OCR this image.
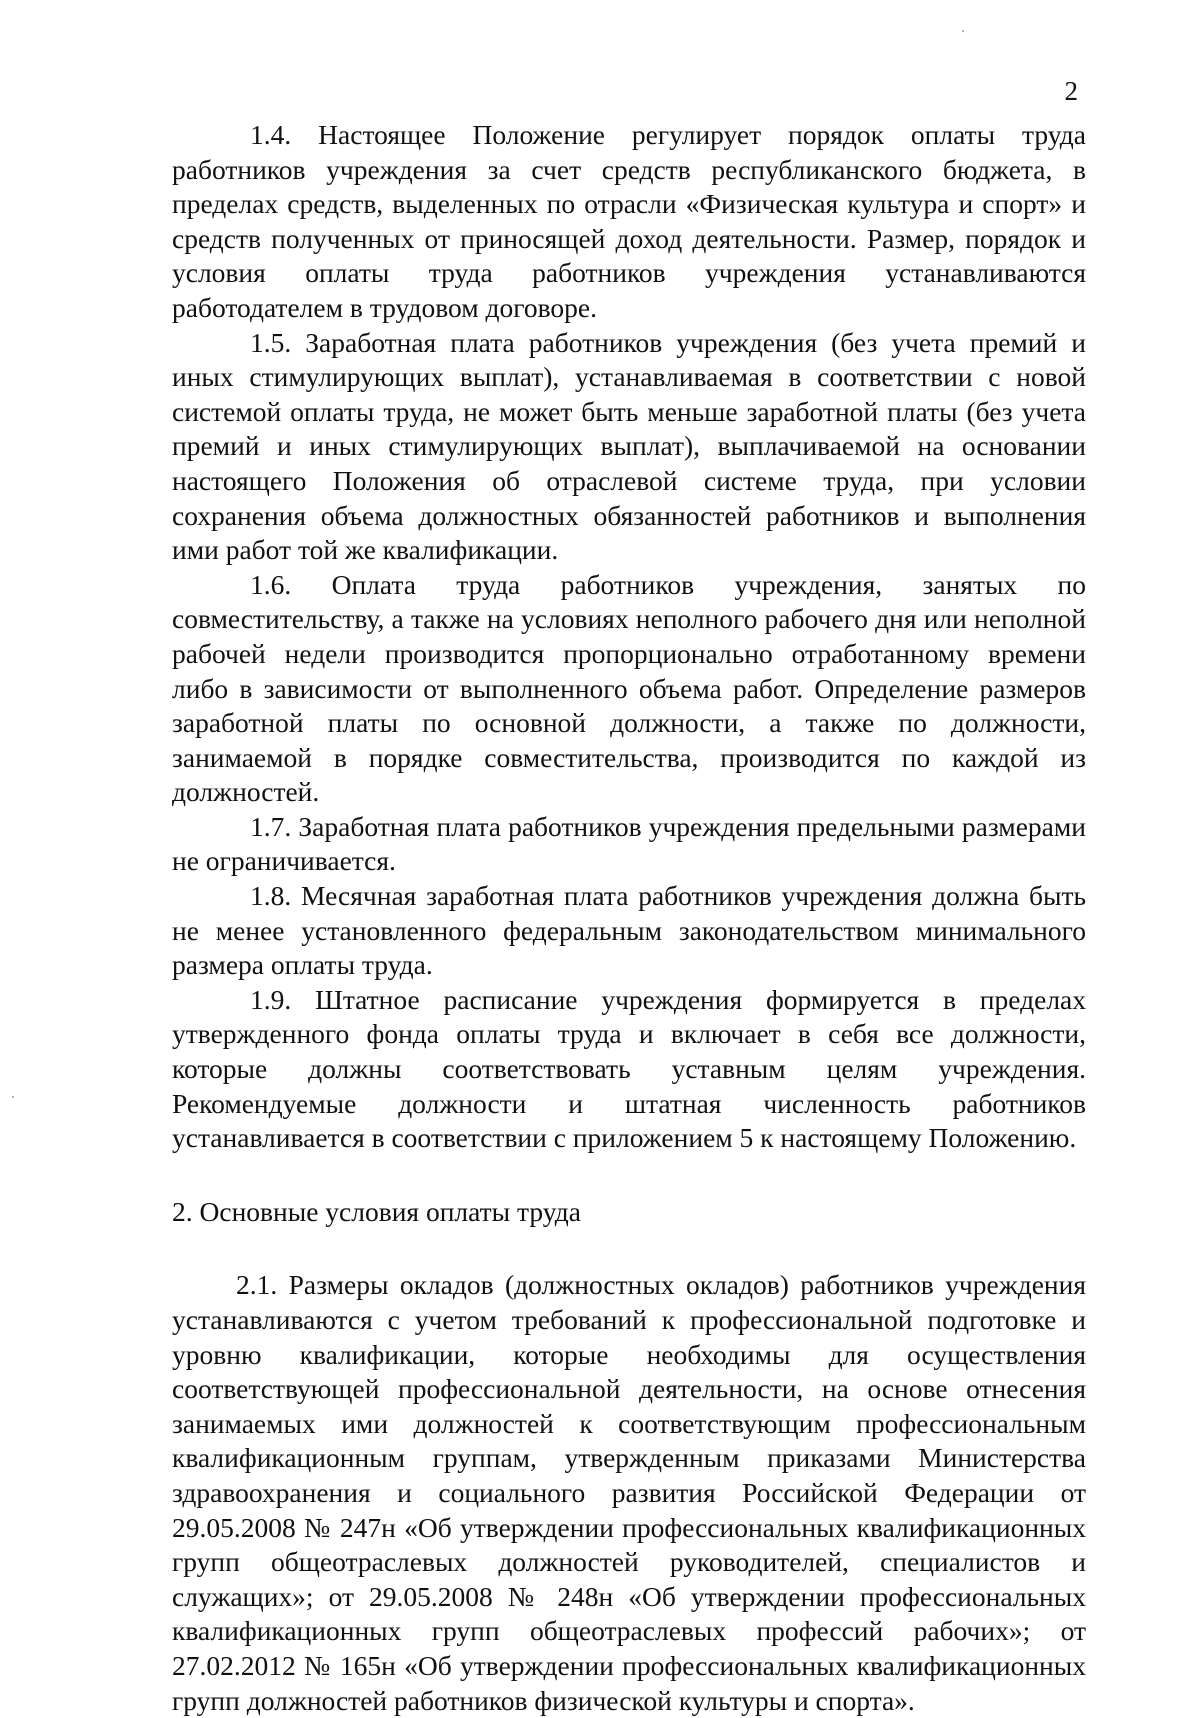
2

1.4. Настоящее Положение регулирует порядок оплаты труда работников учреждения за счет средств республиканского бюджета, в пределах средств, выделенных по отрасли «Физическая культура и спорт» и средств полученных от приносящей доход деятельности. Размер, порядок и условия оплаты труда работников учреждения устанавливаются работодателем в трудовом договоре.

1.5. Заработная плата работников учреждения (без учета премий и иных стимулирующих выплат), устанавливаемая в соответствии с новой системой оплаты труда, не может быть меньше заработной платы (без учета премий и иных стимулирующих выплат), выплачиваемой на основании настоящего Положения об отраслевой системе труда, при условии сохранения объема должностных обязанностей работников и выполнения ими работ той же квалификации.

1.6. Оплата труда работников учреждения, занятых по совместительству, а также на условиях неполного рабочего дня или неполной рабочей недели производится пропорционально отработанному времени либо в зависимости от выполненного объема работ. Определение размеров заработной платы по основной должности, а также по должности, занимаемой в порядке совместительства, производится по каждой из должностей.

1.7. Заработная плата работников учреждения предельными размерами не ограничивается.

1.8. Месячная заработная плата работников учреждения должна быть не менее установленного федеральным законодательством минимального размера оплаты труда.

1.9. Штатное расписание учреждения формируется в пределах утвержденного фонда оплаты труда и включает в себя все должности, которые должны соответствовать уставным целям учреждения. Рекомендуемые должности и штатная численность работников устанавливается в соответствии с приложением 5 к настоящему Положению.

2. Основные условия оплаты труда

2.1. Размеры окладов (должностных окладов) работников учреждения устанавливаются с учетом требований к профессиональной подготовке и уровню квалификации, которые необходимы для осуществления соответствующей профессиональной деятельности, на основе отнесения занимаемых ими должностей к соответствующим профессиональным квалификационным группам, утвержденным приказами Министерства здравоохранения и социального развития Российской Федерации от 29.05.2008 № 247н «Об утверждении профессиональных квалификационных групп общеотраслевых должностей руководителей, специалистов и служащих»; от 29.05.2008 № 248н «Об утверждении профессиональных квалификационных групп общеотраслевых профессий рабочих»; от 27.02.2012 № 165н «Об утверждении профессиональных квалификационных групп должностей работников физической культуры и спорта».
